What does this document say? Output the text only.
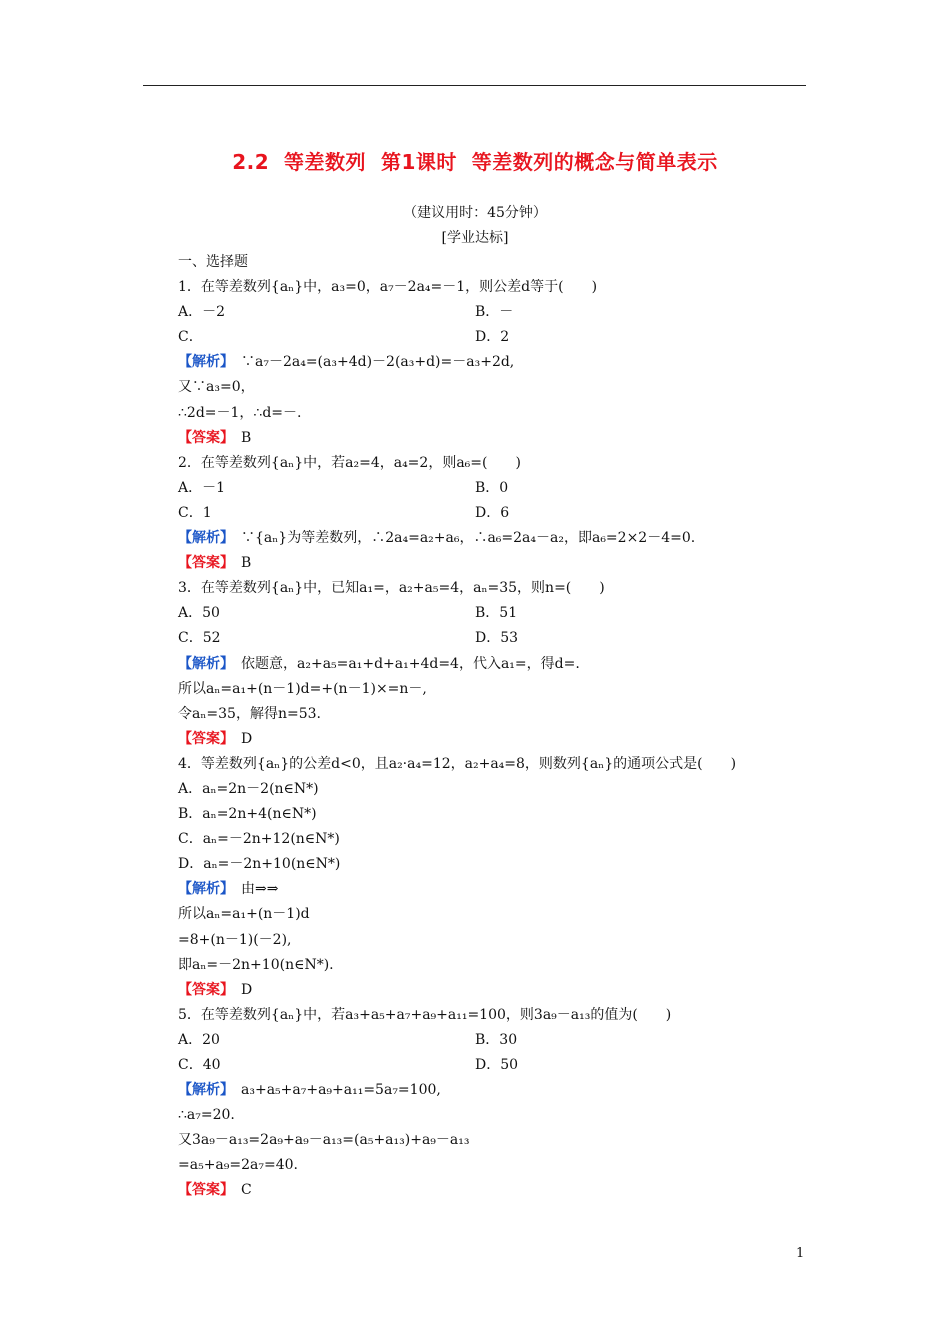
2.2  等差数列  第1课时  等差数列的概念与简单表示
（建议用时：45分钟）
[学业达标]
一、选择题
1．在等差数列{aₙ}中，a₃=0，a₇－2a₄=－1，则公差d等于(　　)
A．－2	B．－
C．	D．2
【解析】　∵a₇－2a₄=(a₃+4d)－2(a₃+d)=－a₃+2d,
又∵a₃=0，
∴2d=－1，∴d=－.
【答案】　B
2．在等差数列{aₙ}中，若a₂=4，a₄=2，则a₆=(　　)
A．－1	B．0
C．1	D．6
【解析】　∵{aₙ}为等差数列，∴2a₄=a₂+a₆，∴a₆=2a₄－a₂，即a₆=2×2－4=0.
【答案】　B
3．在等差数列{aₙ}中，已知a₁=，a₂+a₅=4，aₙ=35，则n=(　　)
A．50	B．51
C．52	D．53
【解析】　依题意，a₂+a₅=a₁+d+a₁+4d=4，代入a₁=，得d=.
所以aₙ=a₁+(n－1)d=+(n－1)×=n－,
令aₙ=35，解得n=53.
【答案】　D
4．等差数列{aₙ}的公差d<0，且a₂·a₄=12，a₂+a₄=8，则数列{aₙ}的通项公式是(　　)
A．aₙ=2n－2(n∈N*)
B．aₙ=2n+4(n∈N*)
C．aₙ=－2n+12(n∈N*)
D．aₙ=－2n+10(n∈N*)
【解析】　由⇒⇒
所以aₙ=a₁+(n－1)d
=8+(n－1)(－2),
即aₙ=－2n+10(n∈N*).
【答案】　D
5．在等差数列{aₙ}中，若a₃+a₅+a₇+a₉+a₁₁=100，则3a₉－a₁₃的值为(　　)
A．20	B．30
C．40	D．50
【解析】　a₃+a₅+a₇+a₉+a₁₁=5a₇=100,
∴a₇=20.
又3a₉－a₁₃=2a₉+a₉－a₁₃=(a₅+a₁₃)+a₉－a₁₃
=a₅+a₉=2a₇=40.
【答案】　C
1
